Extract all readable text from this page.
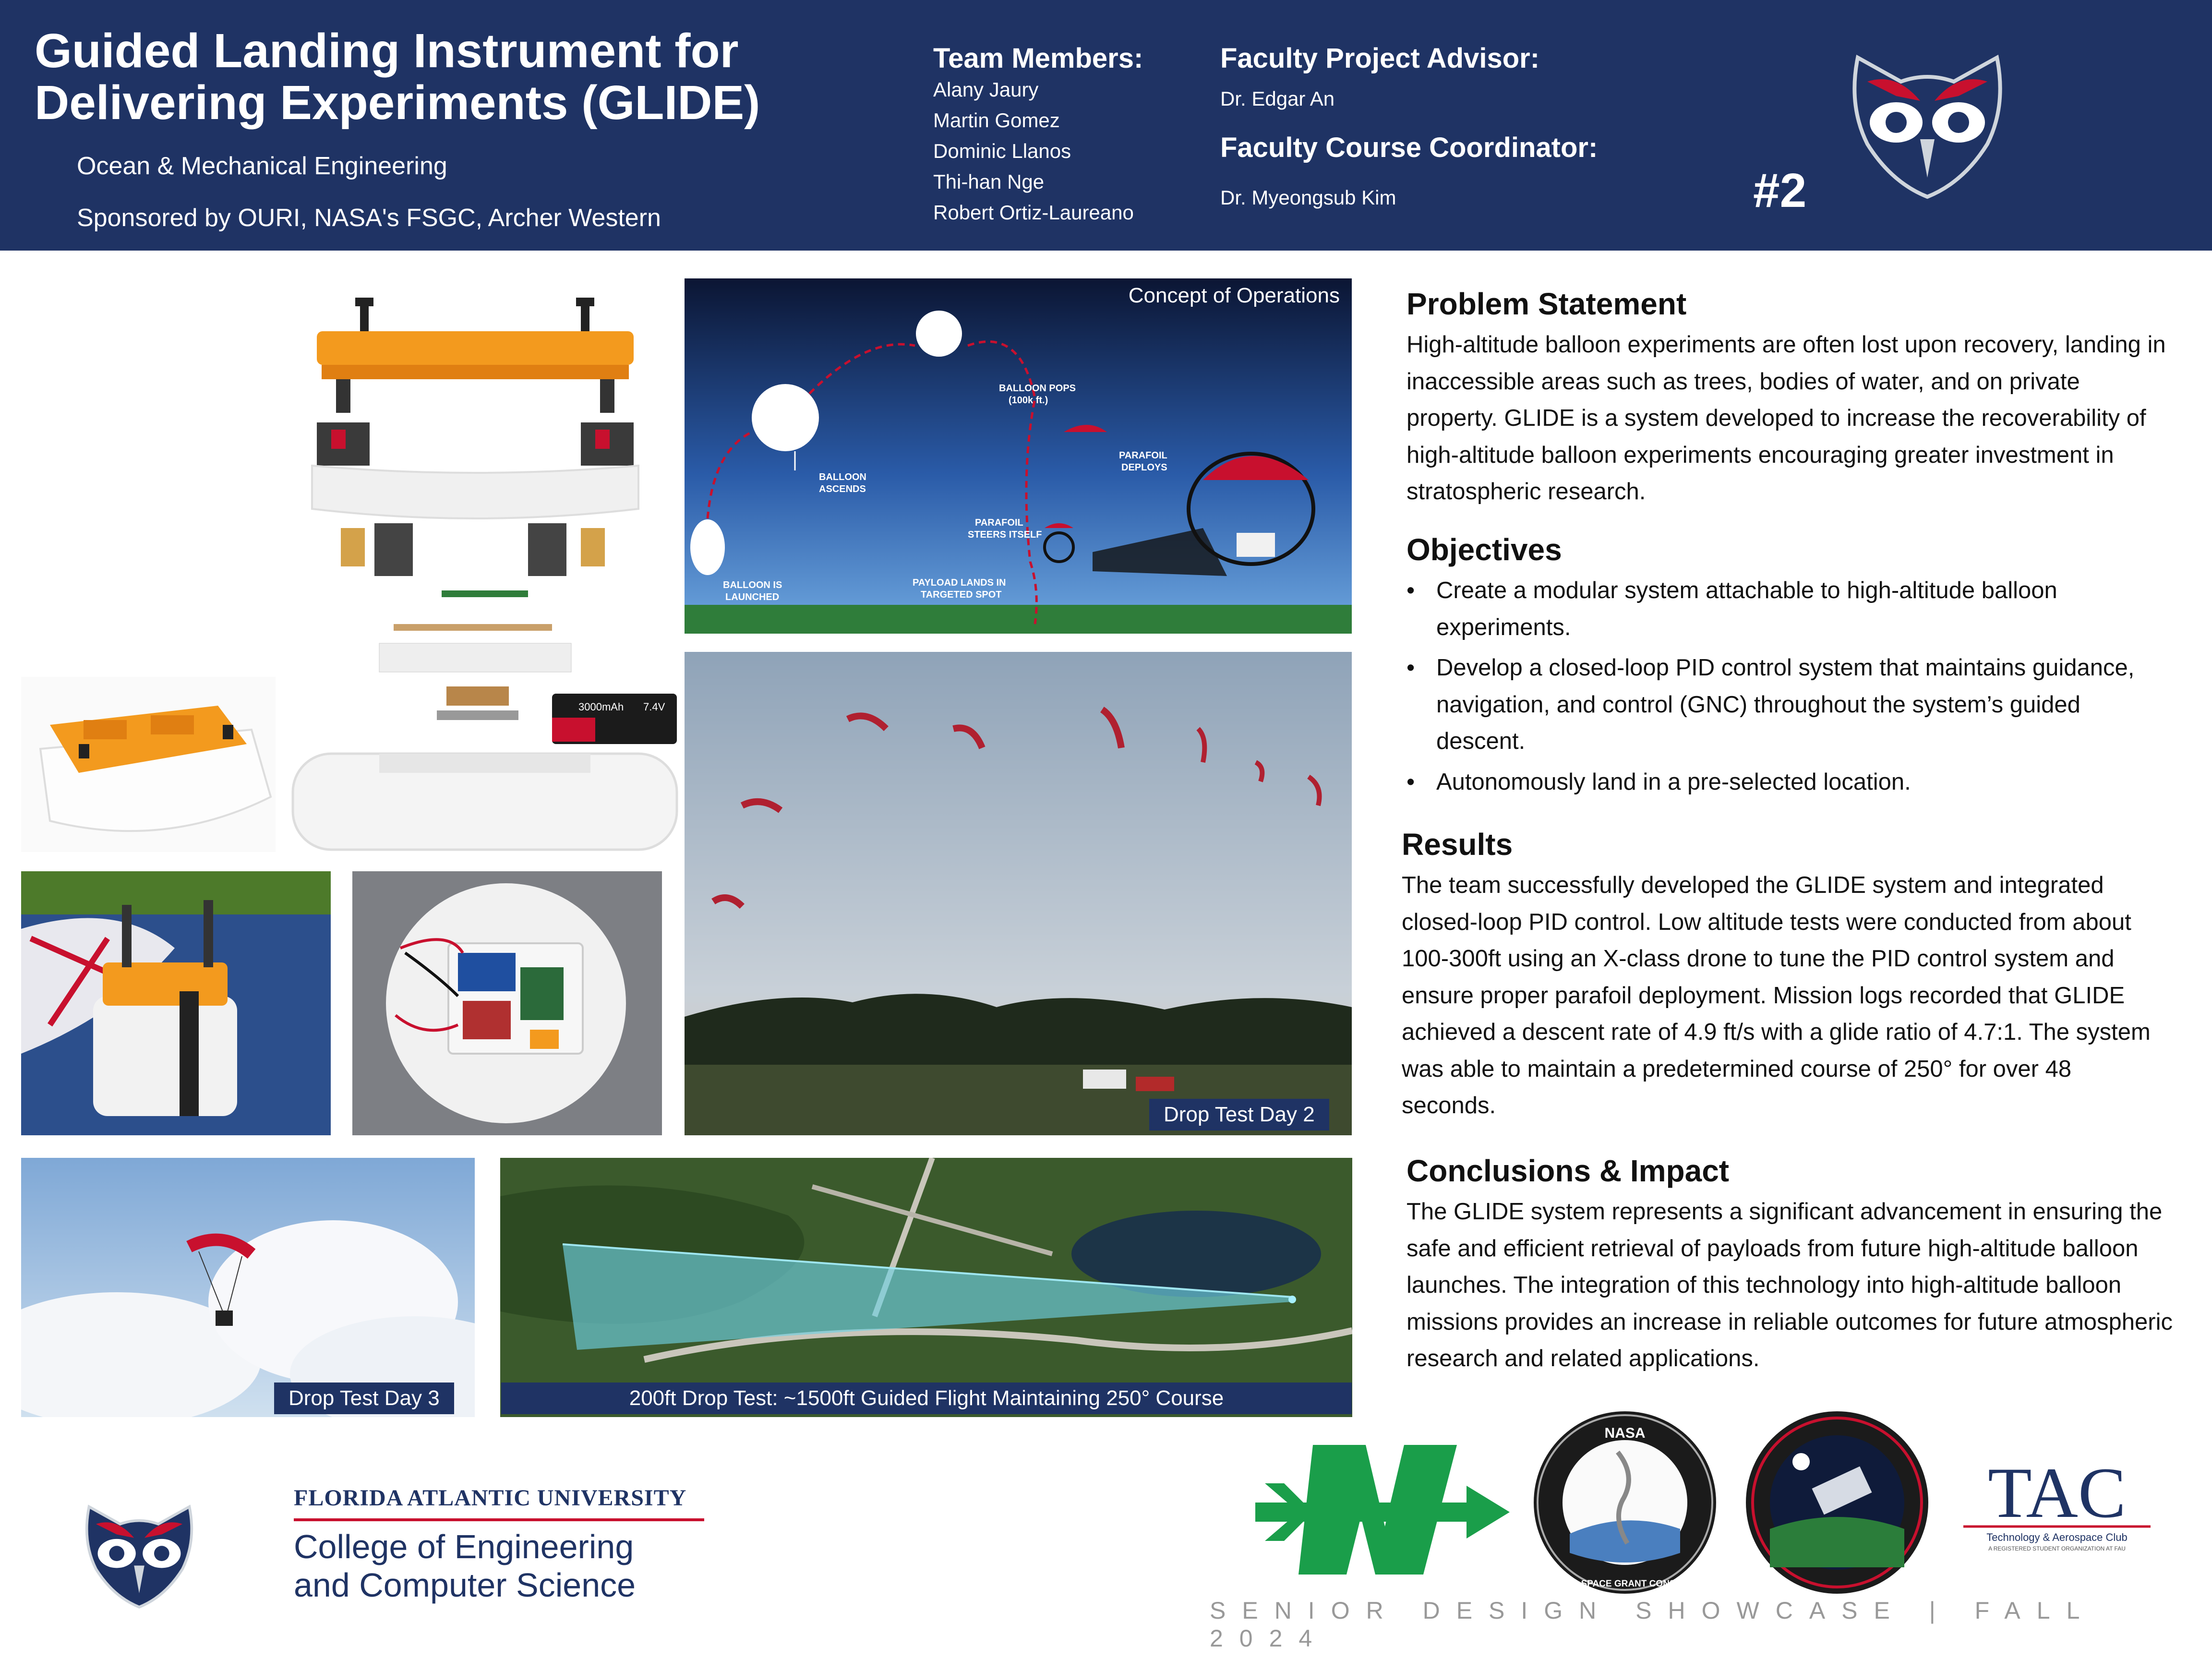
Guided Landing Instrument for
Delivering Experiments (GLIDE)
Ocean & Mechanical Engineering
Sponsored by OURI, NASA's FSGC, Archer Western
Team Members:
Alany Jaury
Martin Gomez
Dominic Llanos
Thi-han Nge
Robert Ortiz-Laureano
Faculty Project Advisor:
Dr. Edgar An
Faculty Course Coordinator:
Dr. Myeongsub Kim	#2
3000mAh 7.4V
Drop Test Day 3	200ft Drop Test: ~1500ft Guided Flight Maintaining 250° Course
BALLOON POPS
(100k ft.)
PARAFOIL
DEPLOYS
BALLOON
ASCENDS
PARAFOIL
STEERS ITSELF
BALLOON IS
LAUNCHED
PAYLOAD LANDS IN
TARGETED SPOT
Concept of Operations
Drop Test Day 2
Problem Statement
High-altitude balloon experiments are often lost upon recovery, landing in inaccessible areas such as trees, bodies of water, and on private property. GLIDE is a system developed to increase the recoverability of high-altitude balloon experiments encouraging greater investment in stratospheric research.
Objectives
• Create a modular system attachable to high-altitude balloon experiments.
• Develop a closed-loop PID control system that maintains guidance, navigation, and control (GNC) throughout the system’s guided descent.
• Autonomously land in a pre-selected location.
Results
The team successfully developed the GLIDE system and integrated closed-loop PID control. Low altitude tests were conducted from about 100-300ft using an X-class drone to tune the PID control system and ensure proper parafoil deployment. Mission logs recorded that GLIDE achieved a descent rate of 4.9 ft/s with a glide ratio of 4.7:1. The system was able to maintain a predetermined course of 250° for over 48 seconds.
Conclusions & Impact
The GLIDE system represents a significant advancement in ensuring the safe and efficient retrieval of payloads from future high-altitude balloon launches. The integration of this technology into high-altitude balloon missions provides an increase in reliable outcomes for future atmospheric research and related applications.
FLORIDA ATLANTIC UNIVERSITY
College of Engineering
and Computer Science
NASA
FLORIDA SPACE GRANT CONSORTIUM
TAC
Technology & Aerospace Club
A REGISTERED STUDENT ORGANIZATION AT FAU
SENIOR DESIGN SHOWCASE | FALL 2024
